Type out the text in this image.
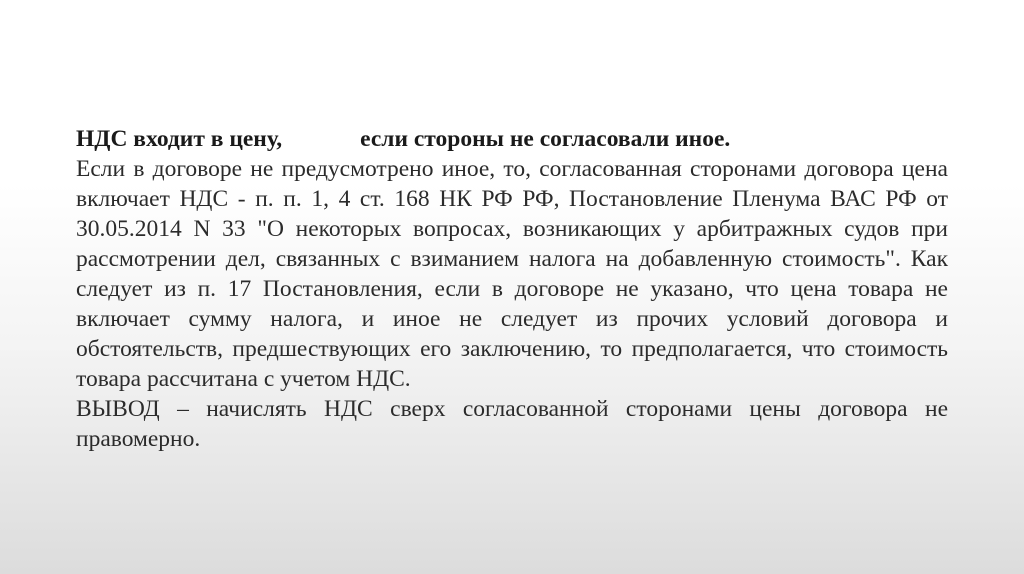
НДС входит в цену,	если стороны не согласовали иное.
Если в договоре не предусмотрено иное, то, согласованная сторонами договора цена включает НДС - п. п. 1, 4 ст. 168 НК РФ РФ, Постановление Пленума ВАС РФ от 30.05.2014 N 33 "О некоторых вопросах, возникающих у арбитражных судов при рассмотрении дел, связанных с взиманием налога на добавленную стоимость". Как следует из п. 17 Постановления, если в договоре не указано, что цена товара не включает сумму налога, и иное не следует из прочих условий договора и обстоятельств, предшествующих его заключению, то предполагается, что стоимость товара рассчитана с учетом НДС.
ВЫВОД – начислять НДС сверх согласованной сторонами цены договора не правомерно.
